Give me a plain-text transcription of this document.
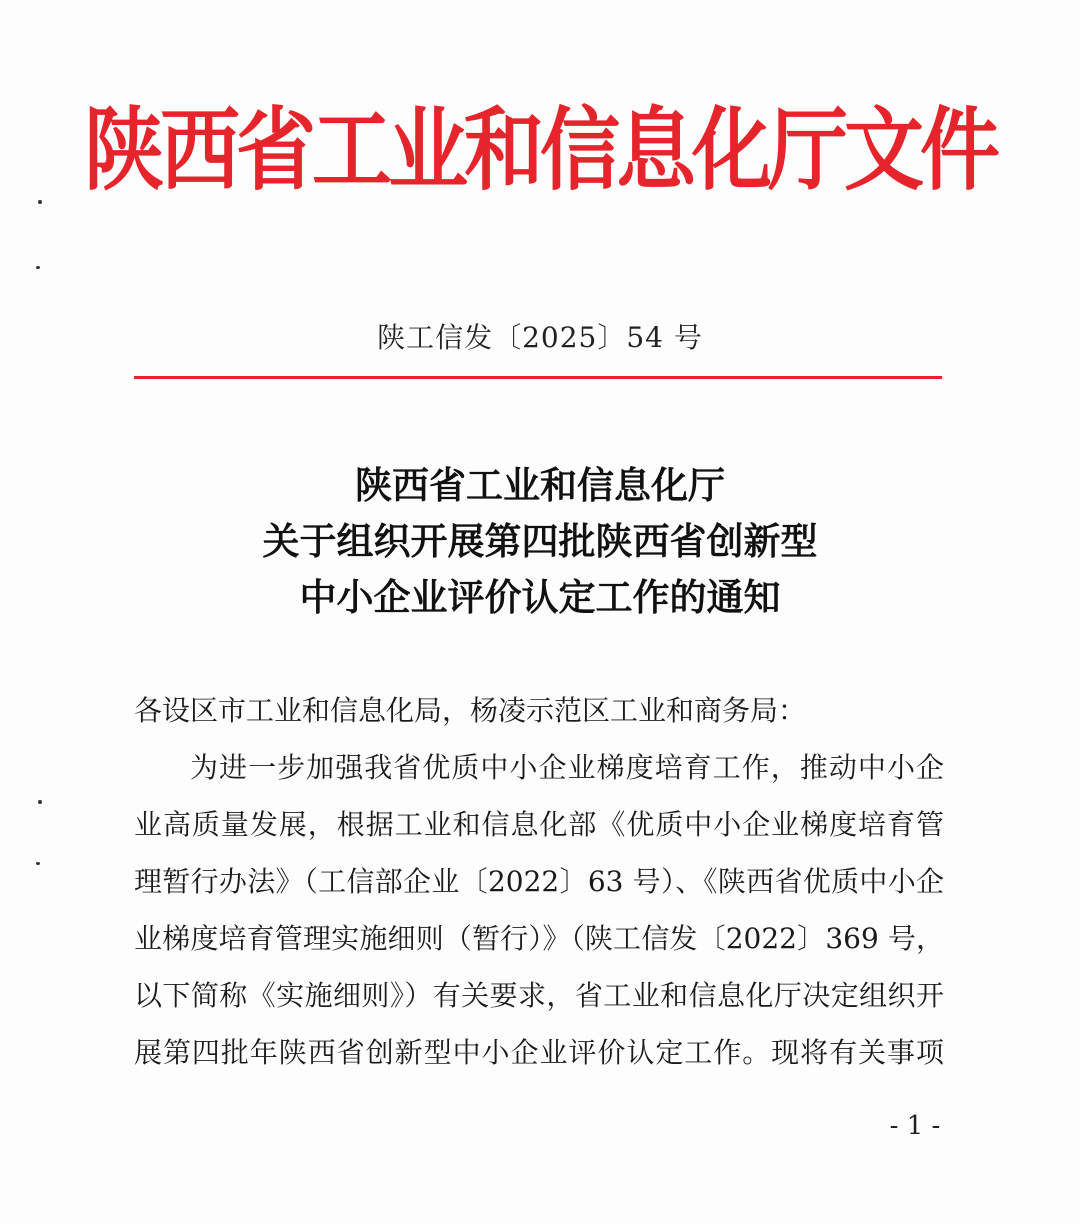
陕西省工业和信息化厅文件
陕工信发〔2025〕54 号
陕西省工业和信息化厅
关于组织开展第四批陕西省创新型
中小企业评价认定工作的通知
各设区市工业和信息化局，杨凌示范区工业和商务局：
为进一步加强我省优质中小企业梯度培育工作，推动中小企
业高质量发展，根据工业和信息化部《优质中小企业梯度培育管
理暂行办法》（工信部企业〔2022〕63 号）、《陕西省优质中小企
业梯度培育管理实施细则（暂行）》（陕工信发〔2022〕369 号，
以下简称《实施细则》）有关要求，省工业和信息化厅决定组织开
展第四批年陕西省创新型中小企业评价认定工作。现将有关事项
- 1 -
